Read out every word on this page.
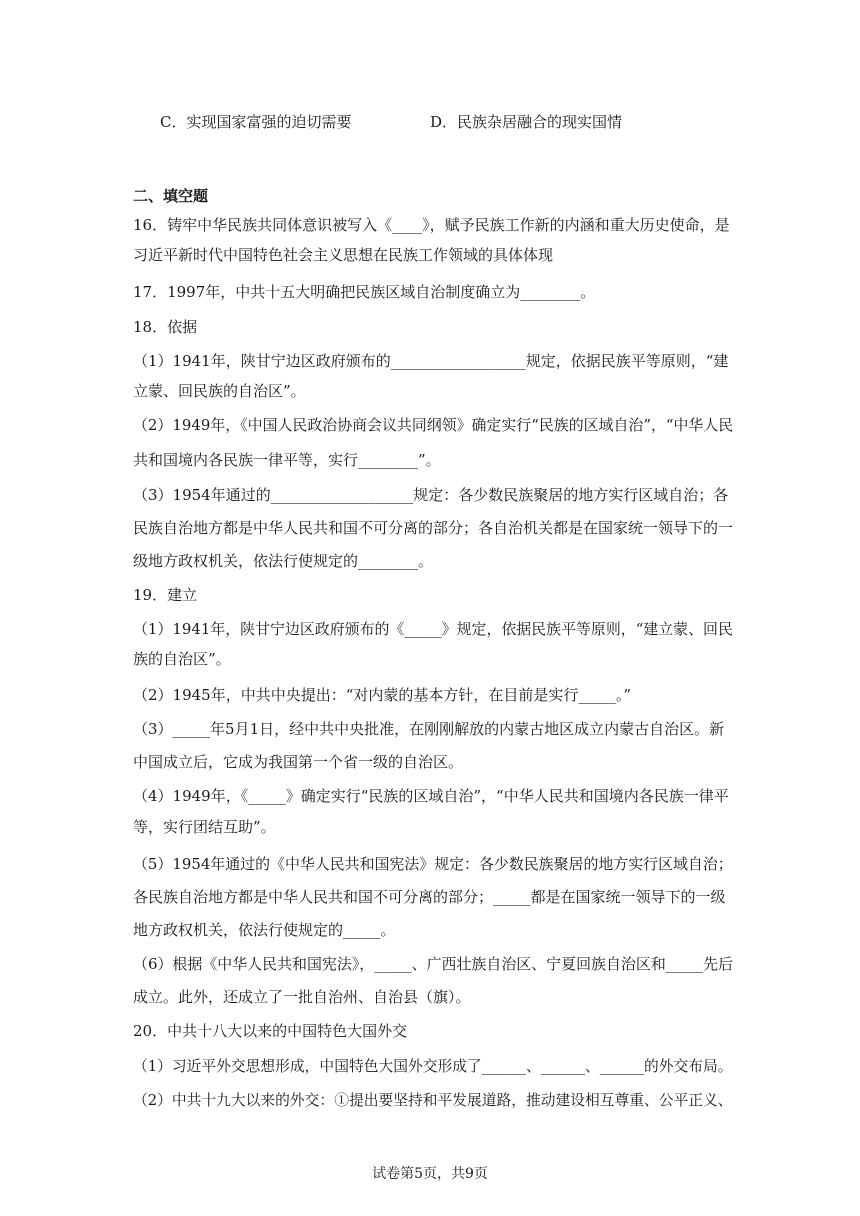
C．实现国家富强的迫切需要	D．民族杂居融合的现实国情
二、填空题
16．铸牢中华民族共同体意识被写入《____》，赋予民族工作新的内涵和重大历史使命，是
习近平新时代中国特色社会主义思想在民族工作领域的具体体现
17．1997年，中共十五大明确把民族区域自治制度确立为________。
18．依据
（1）1941年，陕甘宁边区政府颁布的__________________规定，依据民族平等原则，“建
立蒙、回民族的自治区”。
（2）1949年，《中国人民政治协商会议共同纲领》确定实行“民族的区域自治”，“中华人民
共和国境内各民族一律平等，实行________”。
（3）1954年通过的___________________规定：各少数民族聚居的地方实行区域自治；各
民族自治地方都是中华人民共和国不可分离的部分；各自治机关都是在国家统一领导下的一
级地方政权机关，依法行使规定的________。
19．建立
（1）1941年，陕甘宁边区政府颁布的《_____》规定，依据民族平等原则，“建立蒙、回民
族的自治区”。
（2）1945年，中共中央提出：“对内蒙的基本方针，在目前是实行_____。”
（3）_____年5月1日，经中共中央批准，在刚刚解放的内蒙古地区成立内蒙古自治区。新
中国成立后，它成为我国第一个省一级的自治区。
（4）1949年，《_____》确定实行“民族的区域自治”，“中华人民共和国境内各民族一律平
等，实行团结互助”。
（5）1954年通过的《中华人民共和国宪法》规定：各少数民族聚居的地方实行区域自治；
各民族自治地方都是中华人民共和国不可分离的部分；_____都是在国家统一领导下的一级
地方政权机关，依法行使规定的_____。
（6）根据《中华人民共和国宪法》，_____、广西壮族自治区、宁夏回族自治区和_____先后
成立。此外，还成立了一批自治州、自治县（旗）。
20．中共十八大以来的中国特色大国外交
（1）习近平外交思想形成，中国特色大国外交形成了______、______、______的外交布局。
（2）中共十九大以来的外交：①提出要坚持和平发展道路，推动建设相互尊重、公平正义、
试卷第5页，共9页
